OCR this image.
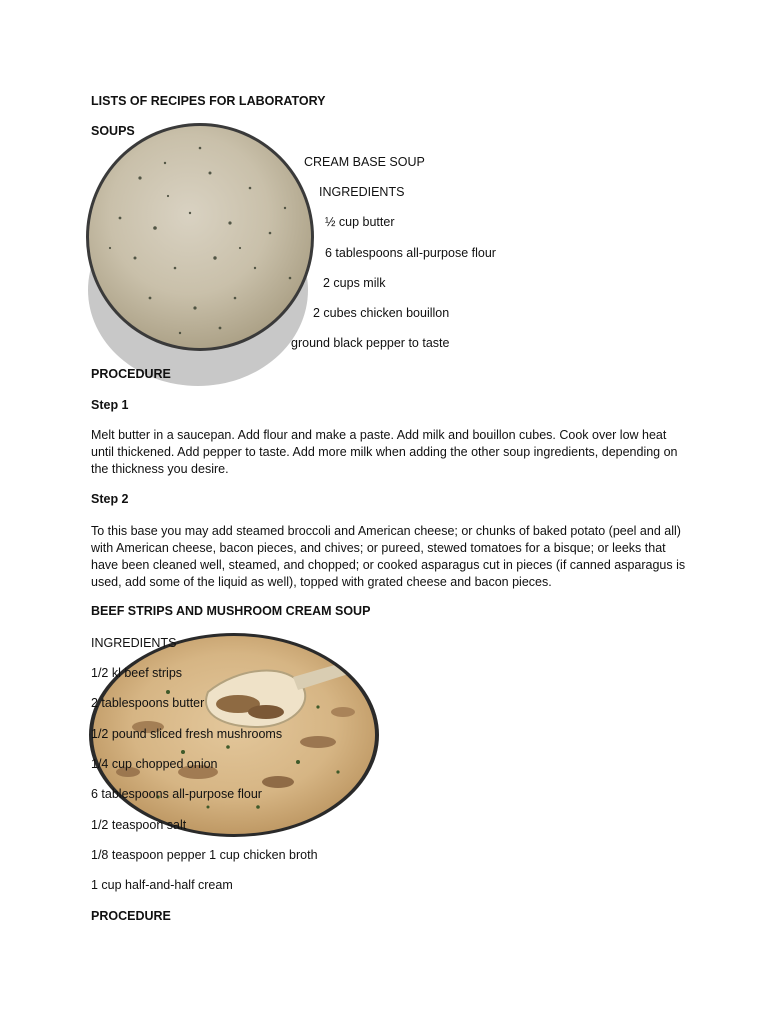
LISTS OF RECIPES FOR LABORATORY

SOUPS

CREAM BASE SOUP

INGREDIENTS

½ cup butter

6 tablespoons all-purpose flour

2 cups milk

2 cubes chicken bouillon

ground black pepper to taste

PROCEDURE

Step 1

Melt butter in a saucepan. Add flour and make a paste. Add milk and bouillon cubes. Cook over low heat until thickened. Add pepper to taste. Add more milk when adding the other soup ingredients, depending on the thickness you desire.

Step 2

To this base you may add steamed broccoli and American cheese; or chunks of baked potato (peel and all) with American cheese, bacon pieces, and chives; or pureed, stewed tomatoes for a bisque; or leeks that have been cleaned well, steamed, and chopped; or cooked asparagus cut in pieces (if canned asparagus is used, add some of the liquid as well), topped with grated cheese and bacon pieces.

BEEF STRIPS AND MUSHROOM CREAM SOUP

INGREDIENTS

1/2 kl beef strips

2 tablespoons butter

1/2 pound sliced fresh mushrooms

1/4 cup chopped onion

6 tablespoons all-purpose flour

1/2 teaspoon salt

1/8 teaspoon pepper 1 cup chicken broth

1 cup half-and-half cream

PROCEDURE
